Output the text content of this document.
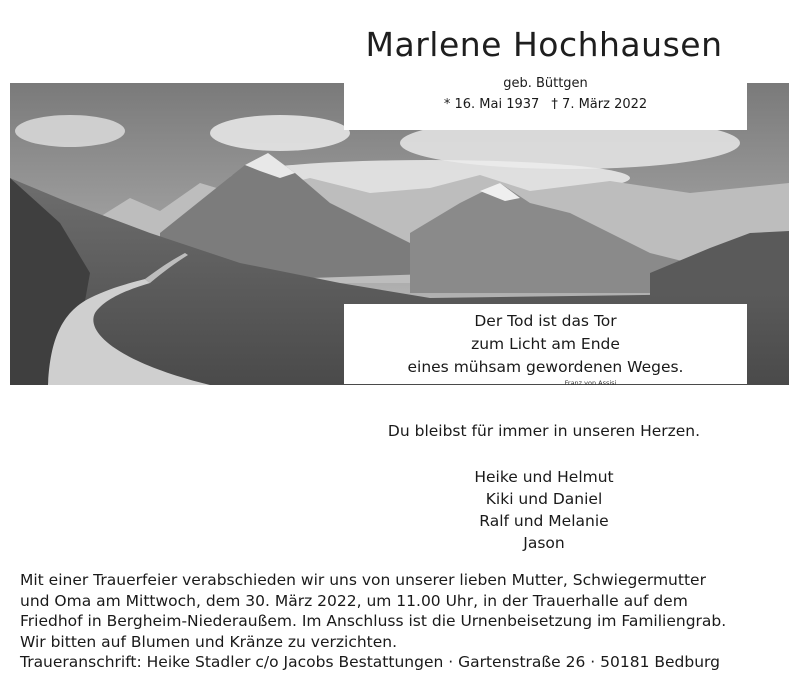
Marlene Hochhausen
geb. Büttgen
* 16. Mai 1937 † 7. März 2022
Der Tod ist das Tor
zum Licht am Ende
eines mühsam gewordenen Weges.
Franz von Assisi
Du bleibst für immer in unseren Herzen.
Heike und Helmut
Kiki und Daniel
Ralf und Melanie
Jason
Mit einer Trauerfeier verabschieden wir uns von unserer lieben Mutter, Schwiegermutter
und Oma am Mittwoch, dem 30. März 2022, um 11.00 Uhr, in der Trauerhalle auf dem
Friedhof in Bergheim-Niederaußem. Im Anschluss ist die Urnenbeisetzung im Familiengrab.
Wir bitten auf Blumen und Kränze zu verzichten.
Traueranschrift: Heike Stadler c/o Jacobs Bestattungen · Gartenstraße 26 · 50181 Bedburg
